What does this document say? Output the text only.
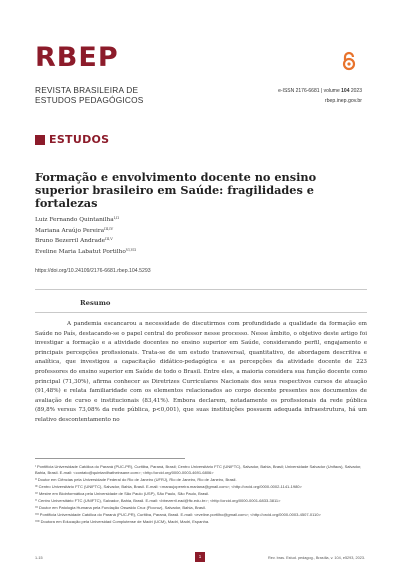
RBEP
REVISTA BRASILEIRA DE ESTUDOS PEDAGÓGICOS
e-ISSN 2176-6681 | volume 104 2023
rbep.inep.gov.br
ESTUDOS
Formação e envolvimento docente no ensino superior brasileiro em Saúde: fragilidades e fortalezas
Luiz Fernando Quintanilha$^{I,II}$
Mariana Araújo Pereira$^{III,IV}$
Bruno Bezerril Andrade$^{III,V}$
Eveline Maria Labatut Portilho$^{VI,VII}$
https://doi.org/10.24109/2176-6681.rbep.104.5293
Resumo
A pandemia escancarou a necessidade de discutirmos com profundidade a qualidade da formação em Saúde no País, destacando-se o papel central do professor nesse processo. Nesse âmbito, o objetivo deste artigo foi investigar a formação e a atividade docentes no ensino superior em Saúde, considerando perfil, engajamento e principais percepções profissionais. Trata-se de um estudo transversal, quantitativo, de abordagem descritiva e analítica, que investigou a capacitação didático-pedagógica e as percepções da atividade docente de 223 professores do ensino superior em Saúde de todo o Brasil. Entre eles, a maioria considera sua função docente como principal (71,30%), afirma conhecer as Diretrizes Curriculares Nacionais dos seus respectivos cursos de atuação (91,48%) e relata familiaridade com os elementos relacionados ao corpo docente presentes nos documentos de avaliação de curso e institucionais (83,41%). Embora declarem, notadamente os profissionais da rede pública (89,8% versus 73,08% da rede pública, p<0,001), que suas instituições possuem adequada infraestrutura, há um relativo descontentamento no
$^I$ Pontifícia Universidade Católica do Paraná (PUC-PR), Curitiba, Paraná, Brasil; Centro Universitário FTC (UNIFTC), Salvador, Bahia, Brasil; Universidade Salvador (Unifacs), Salvador, Bahia, Brasil. E-mail: <contato@quintanilhatheinsane.com>; <http://orcid.org/0000-0003-4691-6806>
$^{II}$ Doutor em Ciências pela Universidade Federal do Rio de Janeiro (UFRJ), Rio de Janeiro, Rio de Janeiro, Brasil.
$^{III}$ Centro Universitário FTC (UNIFTC), Salvador, Bahia, Brasil. E-mail: <maraujopereira.mariana@gmail.com>; <http://orcid.org/0000-0002-1141-1980>
$^{IV}$ Mestre em Bioinformática pela Universidade de São Paulo (USP), São Paulo, São Paulo, Brasil.
$^V$ Centro Universitário FTC (UNIFTC), Salvador, Bahia, Brasil. E-mail: <bbezerril.ead@ftc.edu.br>; <http://orcid.org/0000-0001-6833-3811>
$^{VI}$ Doutor em Patologia Humana pela Fundação Oswaldo Cruz (Fiocruz), Salvador, Bahia, Brasil.
$^{VII}$ Pontifícia Universidade Católica do Paraná (PUC-PR), Curitiba, Paraná, Brasil. E-mail: <eveline.portilho@gmail.com>; <http://orcid.org/0000-0003-4507-0110>
$^{VIII}$ Doutora em Educação pela Universidad Complutense de Madri (UCM), Madri, Madri, Espanha.
1-15	1	Rev. bras. Estud. pedagog., Brasília, v. 104, e5293, 2023.
